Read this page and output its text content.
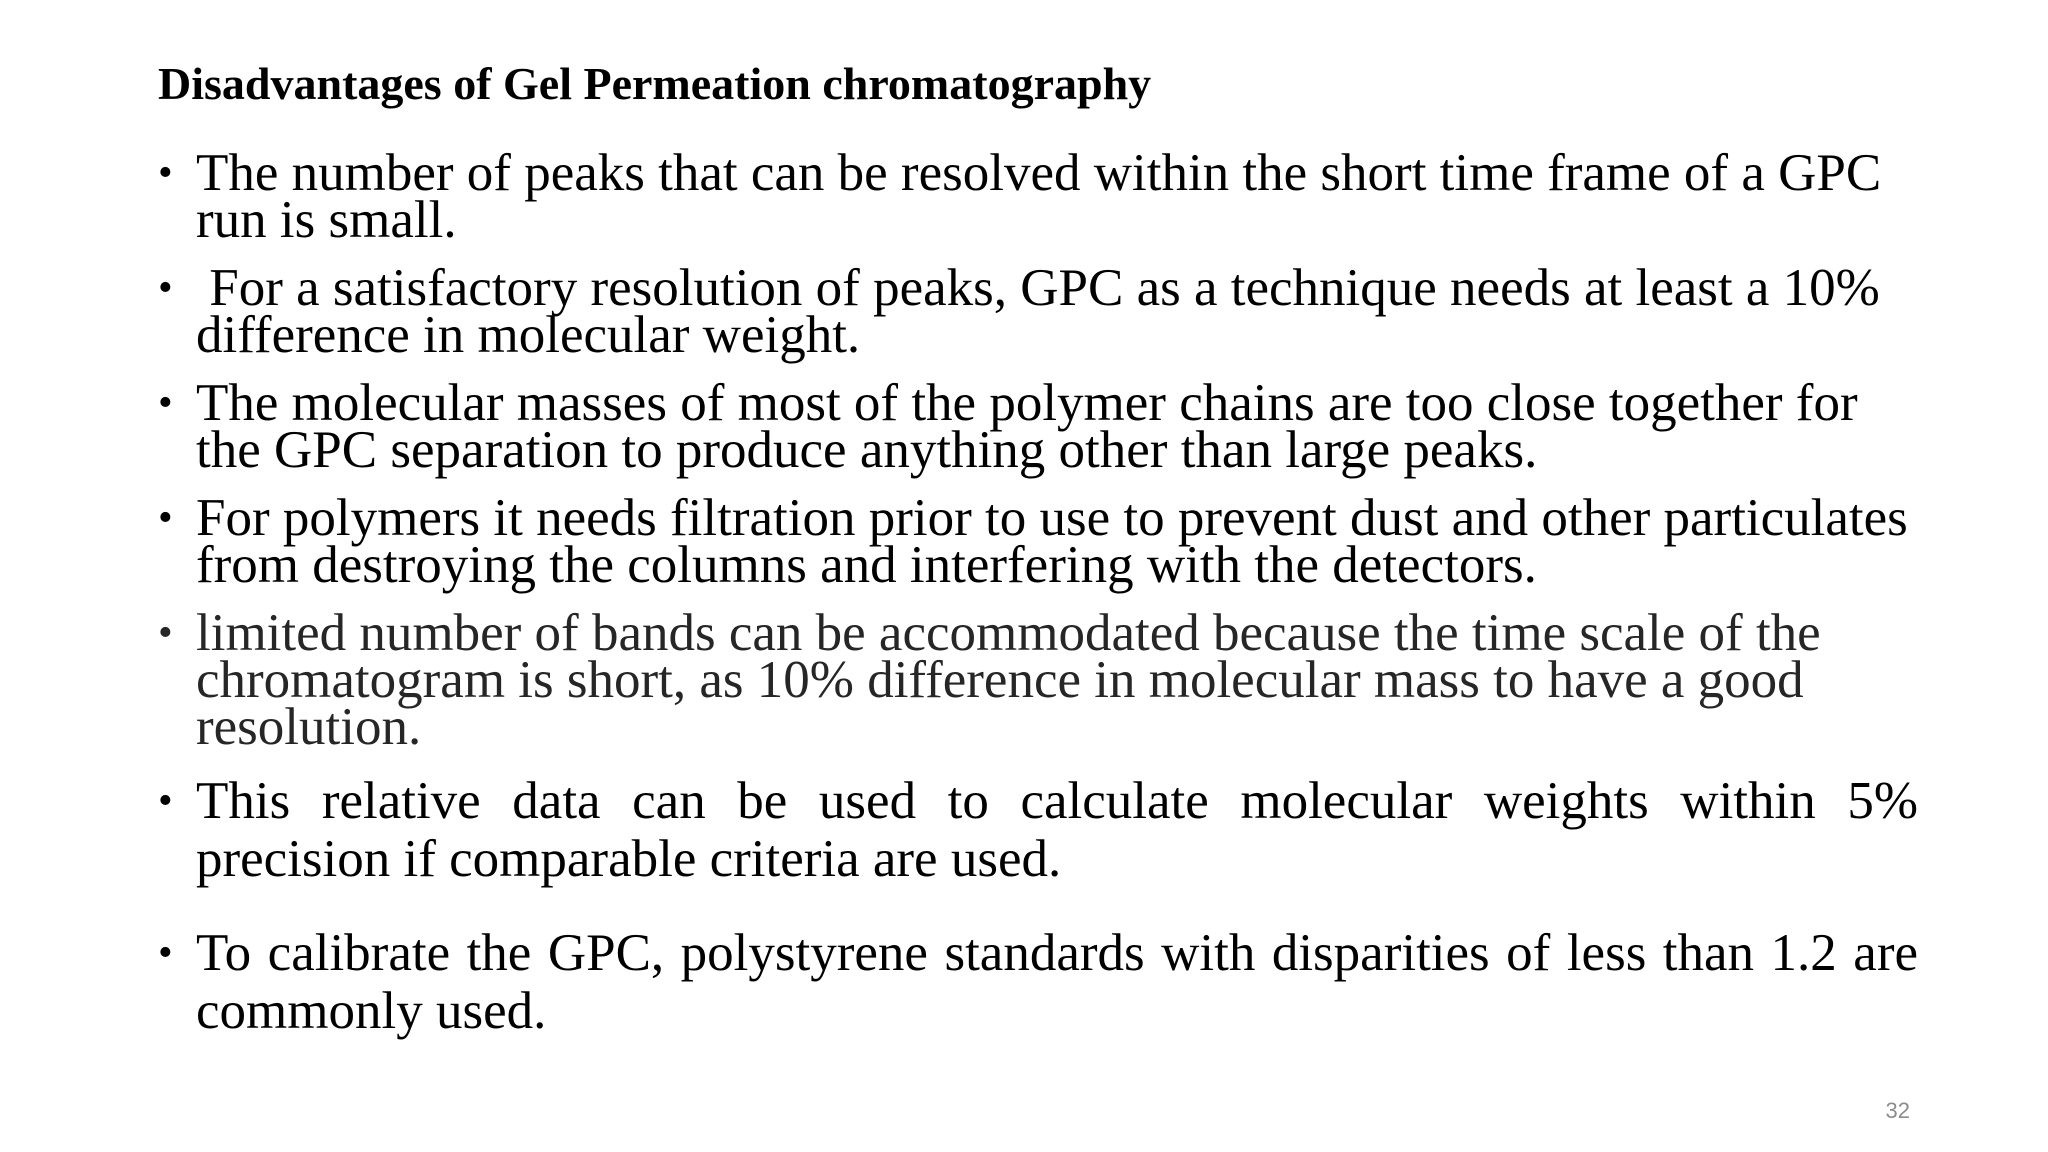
Disadvantages of Gel Permeation chromatography
• The number of peaks that can be resolved within the short time frame of a GPC run is small.
• For a satisfactory resolution of peaks, GPC as a technique needs at least a 10% difference in molecular weight.
• The molecular masses of most of the polymer chains are too close together for the GPC separation to produce anything other than large peaks.
• For polymers it needs filtration prior to use to prevent dust and other particulates from destroying the columns and interfering with the detectors.
• limited number of bands can be accommodated because the time scale of the chromatogram is short, as 10% difference in molecular mass to have a good resolution.
• This relative data can be used to calculate molecular weights within 5% precision if comparable criteria are used.
• To calibrate the GPC, polystyrene standards with disparities of less than 1.2 are commonly used.
32
